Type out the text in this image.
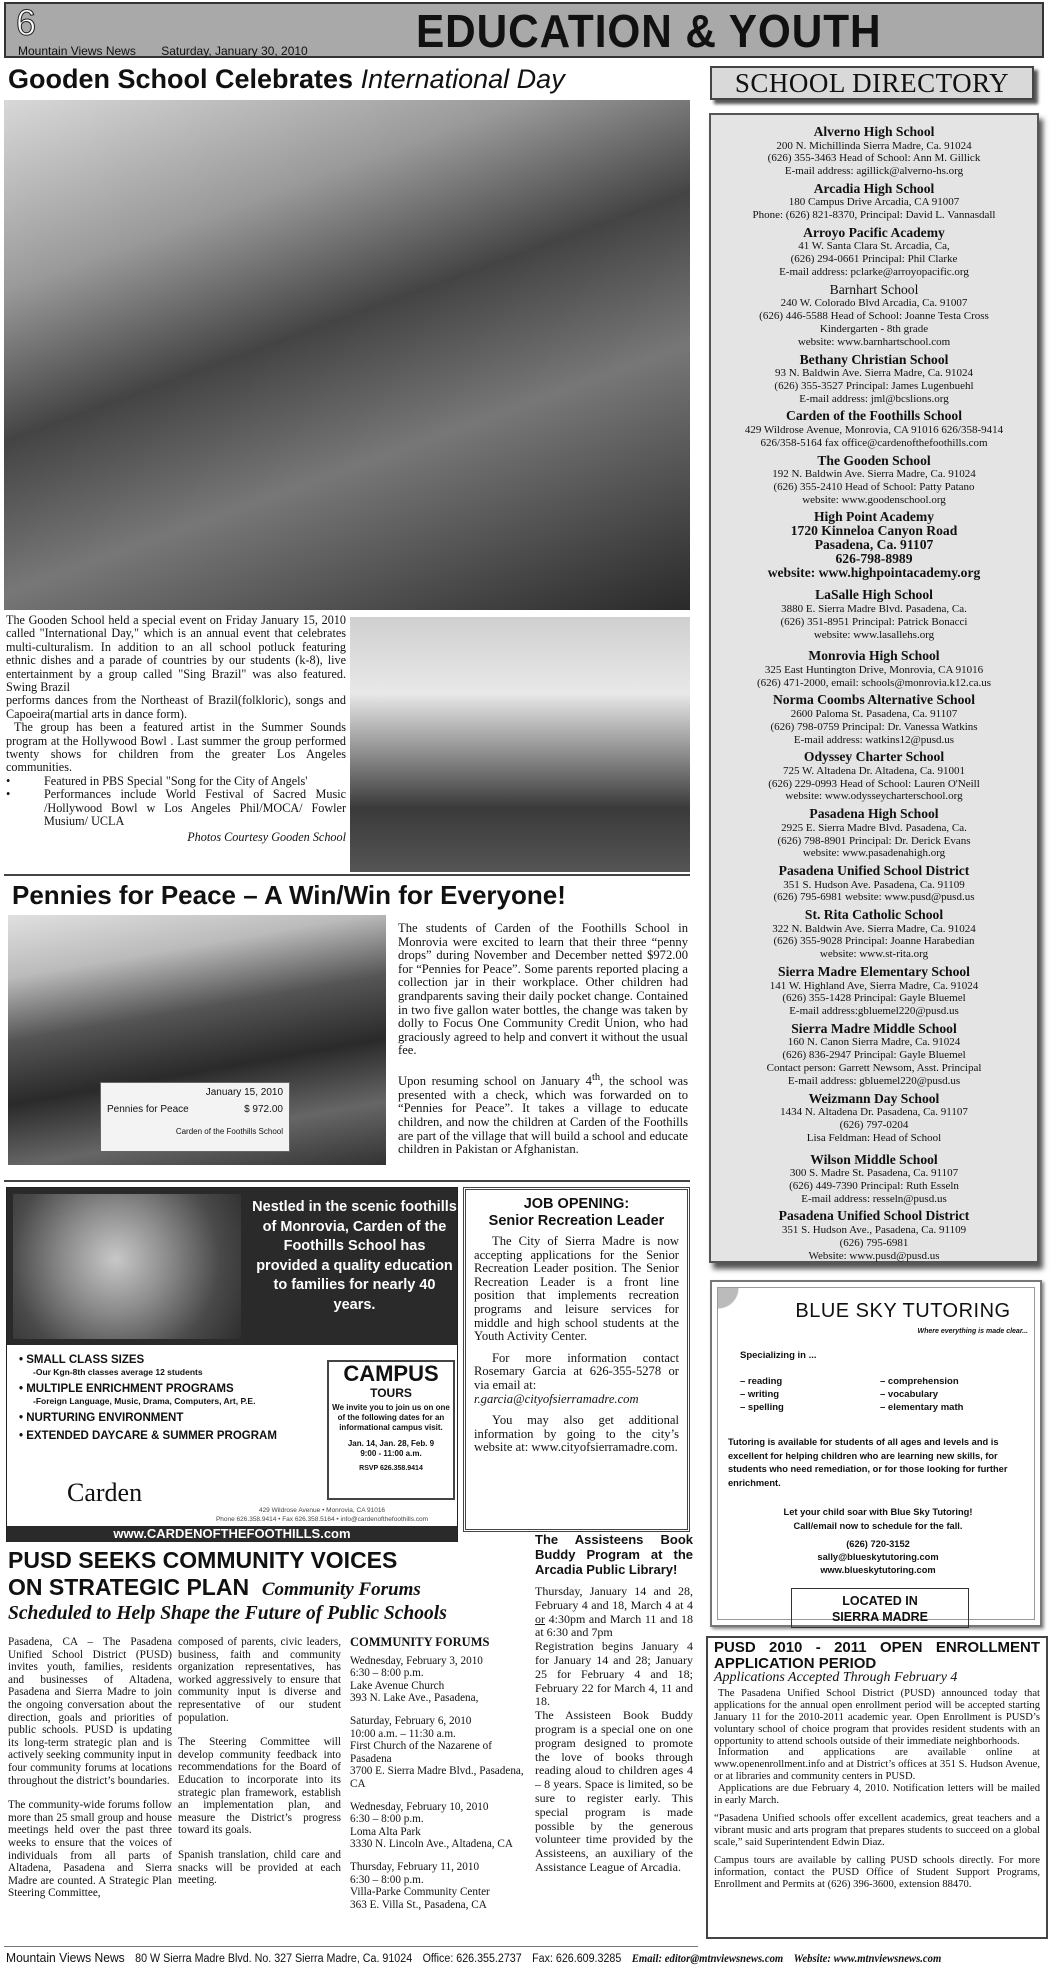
6
Mountain Views News Saturday, January 30, 2010	EDUCATION & YOUTH
Gooden School Celebrates International Day

The Gooden School held a special event on Friday January 15, 2010 called "International Day," which is an annual event that celebrates multi-culturalism. In addition to an all school potluck featuring ethnic dishes and a parade of countries by our students (k-8), live entertainment by a group called "Sing Brazil" was also featured. Swing Brazil

performs dances from the Northeast of Brazil(folkloric), songs and Capoeira(martial arts in dance form).

The group has been a featured artist in the Summer Sounds program at the Hollywood Bowl . Last summer the group performed twenty shows for children from the greater Los Angeles communities.

•	Featured in PBS Special "Song for the City of Angels'
•	Performances include World Festival of Sacred Music /Hollywood Bowl w Los Angeles Phil/MOCA/ Fowler Musium/ UCLA
Photos Courtesy Gooden School
Pennies for Peace – A Win/Win for Everyone!
January 15, 2010
Pennies for Peace	$ 972.00
Carden of the Foothills School

The students of Carden of the Foothills School in Monrovia were excited to learn that their three “penny drops” during November and December netted $972.00 for “Pennies for Peace”. Some parents reported placing a collection jar in their workplace. Other children had grandparents saving their daily pocket change. Contained in two five gallon water bottles, the change was taken by dolly to Focus One Community Credit Union, who had graciously agreed to help and convert it without the usual fee.

Upon resuming school on January 4th, the school was presented with a check, which was forwarded on to “Pennies for Peace”. It takes a village to educate children, and now the children at Carden of the Foothills are part of the village that will build a school and educate children in Pakistan or Afghanistan.

Nestled in the scenic foothills of Monrovia, Carden of the Foothills School has provided a quality education to families for nearly 40 years.
• SMALL CLASS SIZES
-Our Kgn-8th classes average 12 students
• MULTIPLE ENRICHMENT PROGRAMS
-Foreign Language, Music, Drama, Computers, Art, P.E.
• NURTURING ENVIRONMENT
• EXTENDED DAYCARE & SUMMER PROGRAM
CAMPUS
TOURS
We invite you to join us on one of the following dates for an informational campus visit.
Jan. 14, Jan. 28, Feb. 9
9:00 - 11:00 a.m.
RSVP 626.358.9414
Carden
429 Wildrose Avenue • Monrovia, CA 91016
Phone 626.358.9414 • Fax 626.358.5164 • info@cardenofthefoothills.com
www.CARDENOFTHEFOOTHILLS.com
JOB OPENING:
Senior Recreation Leader

The City of Sierra Madre is now accepting applications for the Senior Recreation Leader position. The Senior Recreation Leader is a front line position that implements recreation programs and leisure services for middle and high school students at the Youth Activity Center.

For more information contact Rosemary Garcia at 626-355-5278 or via email at:

r.garcia@cityofsierramadre.com

You may also get additional information by going to the city’s website at: www.cityofsierramadre.com.

PUSD SEEKS COMMUNITY VOICES
ON STRATEGIC PLAN Community Forums
Scheduled to Help Shape the Future of Public Schools

Pasadena, CA – The Pasadena Unified School District (PUSD) invites youth, families, residents and businesses of Altadena, Pasadena and Sierra Madre to join the ongoing conversation about the direction, goals and priorities of public schools. PUSD is updating its long-term strategic plan and is actively seeking community input in four community forums at locations throughout the district’s boundaries.

The community-wide forums follow more than 25 small group and house meetings held over the past three weeks to ensure that the voices of individuals from all parts of Altadena, Pasadena and Sierra Madre are counted. A Strategic Plan Steering Committee,

composed of parents, civic leaders, business, faith and community organization representatives, has worked aggressively to ensure that community input is diverse and representative of our student population.

The Steering Committee will develop community feedback into recommendations for the Board of Education to incorporate into its strategic plan framework, establish an implementation plan, and measure the District’s progress toward its goals.

Spanish translation, child care and snacks will be provided at each meeting.

COMMUNITY FORUMS
Wednesday, February 3, 2010
6:30 – 8:00 p.m.
Lake Avenue Church
393 N. Lake Ave., Pasadena,
Saturday, February 6, 2010
10:00 a.m. – 11:30 a.m.
First Church of the Nazarene of Pasadena
3700 E. Sierra Madre Blvd., Pasadena, CA
Wednesday, February 10, 2010
6:30 – 8:00 p.m.
Loma Alta Park
3330 N. Lincoln Ave., Altadena, CA
Thursday, February 11, 2010
6:30 – 8:00 p.m.
Villa-Parke Community Center
363 E. Villa St., Pasadena, CA
The Assisteens Book Buddy Program at the Arcadia Public Library!

Thursday, January 14 and 28, February 4 and 18, March 4 at 4 or 4:30pm and March 11 and 18 at 6:30 and 7pm

Registration begins January 4 for January 14 and 28; January 25 for February 4 and 18; February 22 for March 4, 11 and 18.

The Assisteen Book Buddy program is a special one on one program designed to promote the love of books through reading aloud to children ages 4 – 8 years. Space is limited, so be sure to register early. This special program is made possible by the generous volunteer time provided by the Assisteens, an auxiliary of the Assistance League of Arcadia.

SCHOOL DIRECTORY
Alverno High School
200 N. Michillinda Sierra Madre, Ca. 91024
(626) 355-3463 Head of School: Ann M. Gillick
E-mail address: agillick@alverno-hs.org
Arcadia High School
180 Campus Drive Arcadia, CA 91007
Phone: (626) 821-8370, Principal: David L. Vannasdall
Arroyo Pacific Academy
41 W. Santa Clara St. Arcadia, Ca,
(626) 294-0661 Principal: Phil Clarke
E-mail address: pclarke@arroyopacific.org
Barnhart School
240 W. Colorado Blvd Arcadia, Ca. 91007
(626) 446-5588 Head of School: Joanne Testa Cross
Kindergarten - 8th grade
website: www.barnhartschool.com
Bethany Christian School
93 N. Baldwin Ave. Sierra Madre, Ca. 91024
(626) 355-3527 Principal: James Lugenbuehl
E-mail address: jml@bcslions.org
Carden of the Foothills School
429 Wildrose Avenue, Monrovia, CA 91016 626/358-9414
626/358-5164 fax office@cardenofthefoothills.com
The Gooden School
192 N. Baldwin Ave. Sierra Madre, Ca. 91024
(626) 355-2410 Head of School: Patty Patano
website: www.goodenschool.org
High Point Academy
1720 Kinneloa Canyon Road
Pasadena, Ca. 91107
626-798-8989
website: www.highpointacademy.org
LaSalle High School
3880 E. Sierra Madre Blvd. Pasadena, Ca.
(626) 351-8951 Principal: Patrick Bonacci
website: www.lasallehs.org
Monrovia High School
325 East Huntington Drive, Monrovia, CA 91016
(626) 471-2000, email: schools@monrovia.k12.ca.us
Norma Coombs Alternative School
2600 Paloma St. Pasadena, Ca. 91107
(626) 798-0759 Principal: Dr. Vanessa Watkins
E-mail address: watkins12@pusd.us
Odyssey Charter School
725 W. Altadena Dr. Altadena, Ca. 91001
(626) 229-0993 Head of School: Lauren O'Neill
website: www.odysseycharterschool.org
Pasadena High School
2925 E. Sierra Madre Blvd. Pasadena, Ca.
(626) 798-8901 Principal: Dr. Derick Evans
website: www.pasadenahigh.org
Pasadena Unified School District
351 S. Hudson Ave. Pasadena, Ca. 91109
(626) 795-6981 website: www.pusd@pusd.us
St. Rita Catholic School
322 N. Baldwin Ave. Sierra Madre, Ca. 91024
(626) 355-9028 Principal: Joanne Harabedian
website: www.st-rita.org
Sierra Madre Elementary School
141 W. Highland Ave, Sierra Madre, Ca. 91024
(626) 355-1428 Principal: Gayle Bluemel
E-mail address:gbluemel220@pusd.us
Sierra Madre Middle School
160 N. Canon Sierra Madre, Ca. 91024
(626) 836-2947 Principal: Gayle Bluemel
Contact person: Garrett Newsom, Asst. Principal
E-mail address: gbluemel220@pusd.us
Weizmann Day School
1434 N. Altadena Dr. Pasadena, Ca. 91107
(626) 797-0204
Lisa Feldman: Head of School
Wilson Middle School
300 S. Madre St. Pasadena, Ca. 91107
(626) 449-7390 Principal: Ruth Esseln
E-mail address: resseln@pusd.us
Pasadena Unified School District
351 S. Hudson Ave., Pasadena, Ca. 91109
(626) 795-6981
Website: www.pusd@pusd.us
BLUE SKY TUTORING
Where everything is made clear...
Specializing in ...
– reading	– comprehension
– writing	– vocabulary
– spelling	– elementary math
Tutoring is available for students of all ages and levels and is excellent for helping children who are learning new skills, for students who need remediation, or for those looking for further enrichment.
Let your child soar with Blue Sky Tutoring!
Call/email now to schedule for the fall.
(626) 720-3152
sally@blueskytutoring.com
www.blueskytutoring.com
LOCATED IN
SIERRA MADRE
PUSD 2010 - 2011 OPEN ENROLLMENT APPLICATION PERIOD
Applications Accepted Through February 4

The Pasadena Unified School District (PUSD) announced today that applications for the annual open enrollment period will be accepted starting January 11 for the 2010-2011 academic year. Open Enrollment is PUSD’s voluntary school of choice program that provides resident students with an opportunity to attend schools outside of their immediate neighborhoods.

Information and applications are available online at www.openenrollment.info and at District’s offices at 351 S. Hudson Avenue, or at libraries and community centers in PUSD.

Applications are due February 4, 2010. Notification letters will be mailed in early March.

“Pasadena Unified schools offer excellent academics, great teachers and a vibrant music and arts program that prepares students to succeed on a global scale,” said Superintendent Edwin Diaz.

Campus tours are available by calling PUSD schools directly. For more information, contact the PUSD Office of Student Support Programs, Enrollment and Permits at (626) 396-3600, extension 88470.

Mountain Views News 80 W Sierra Madre Blvd. No. 327 Sierra Madre, Ca. 91024 Office: 626.355.2737 Fax: 626.609.3285 Email: editor@mtnviewsnews.com Website: www.mtnviewsnews.com
